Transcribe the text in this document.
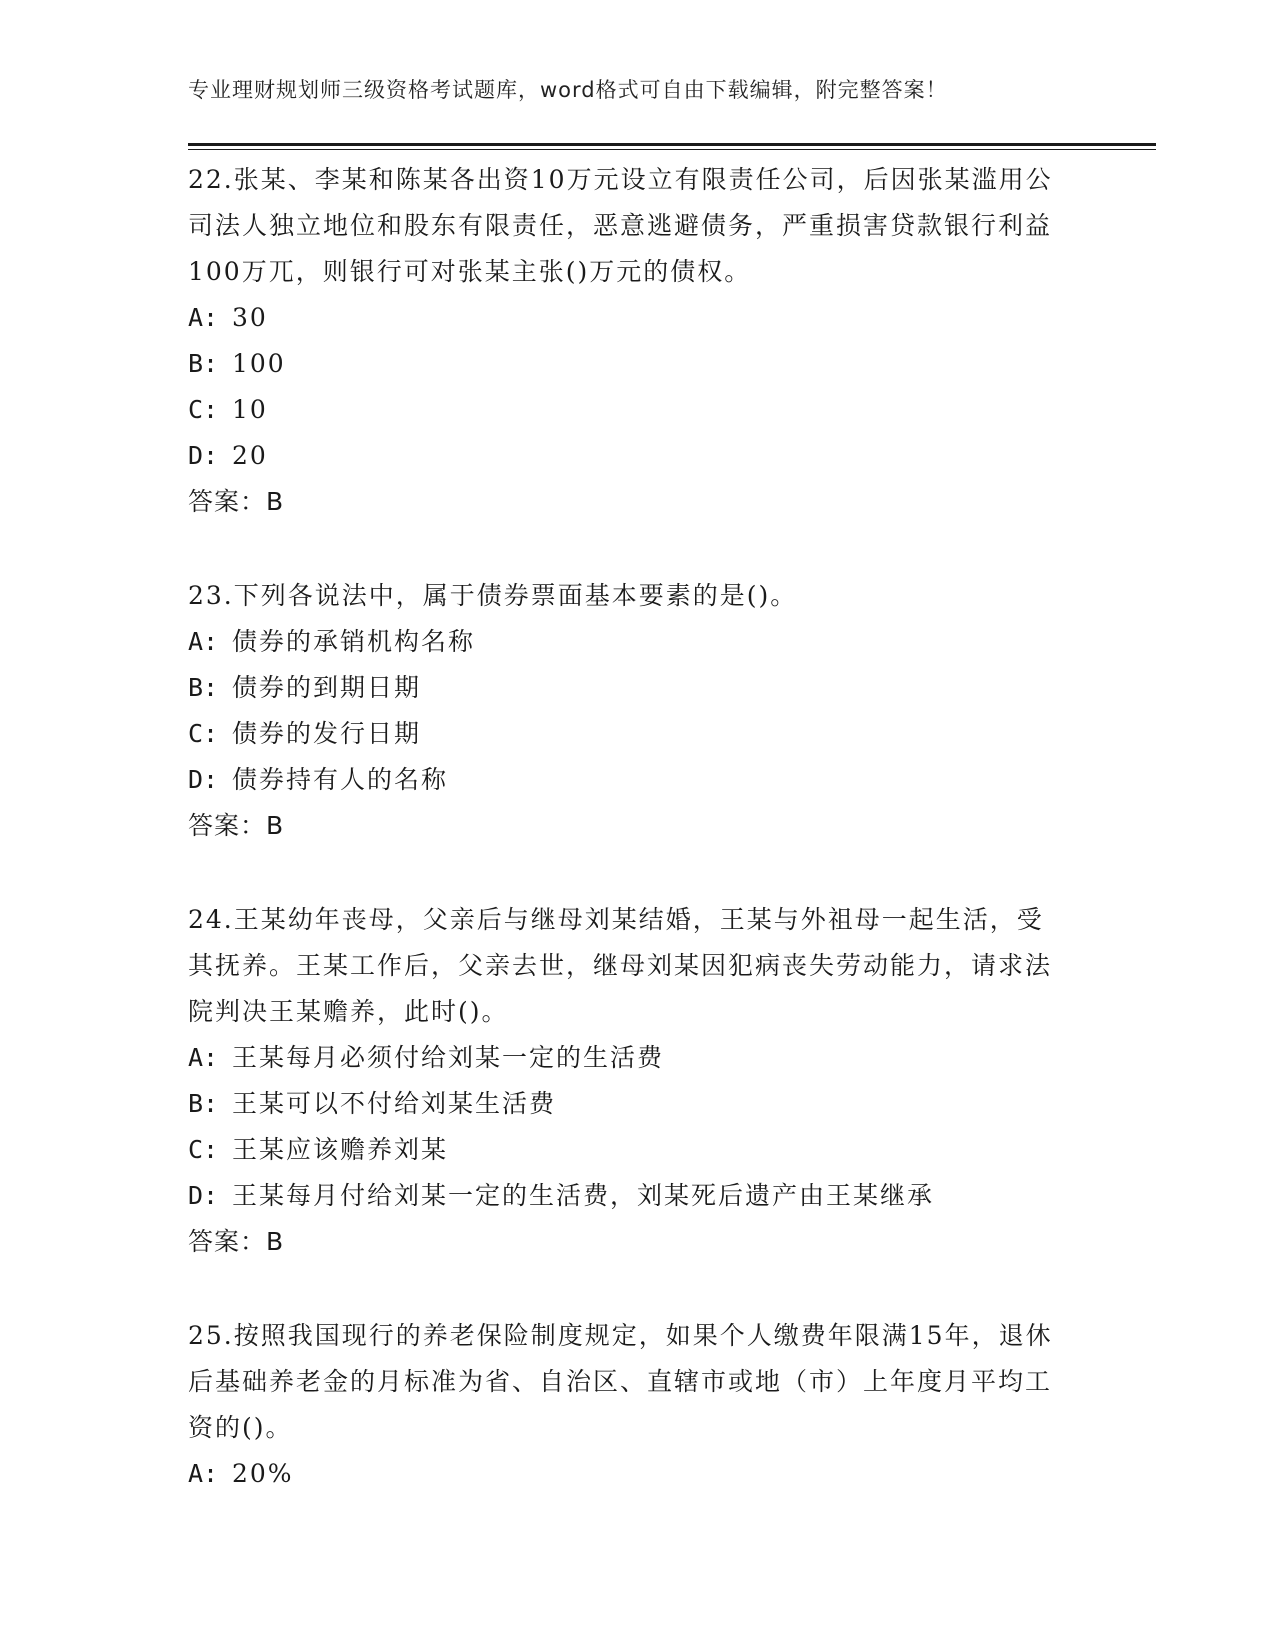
专业理财规划师三级资格考试题库，word格式可自由下载编辑，附完整答案！

22.张某、李某和陈某各出资10万元设立有限责任公司，后因张某滥用公司法人独立地位和股东有限责任，恶意逃避债务，严重损害贷款银行利益100万兀，则银行可对张某主张()万元的债权。

A: 30

B: 100

C: 10

D: 20

答案：B

23.下列各说法中，属于债券票面基本要素的是()。

A: 债券的承销机构名称

B: 债券的到期日期

C: 债券的发行日期

D: 债券持有人的名称

答案：B

24.王某幼年丧母，父亲后与继母刘某结婚，王某与外祖母一起生活，受其抚养。王某工作后，父亲去世，继母刘某因犯病丧失劳动能力，请求法院判决王某赡养，此时()。

A: 王某每月必须付给刘某一定的生活费

B: 王某可以不付给刘某生活费

C: 王某应该赡养刘某

D: 王某每月付给刘某一定的生活费，刘某死后遗产由王某继承

答案：B

25.按照我国现行的养老保险制度规定，如果个人缴费年限满15年，退休后基础养老金的月标准为省、自治区、直辖市或地（市）上年度月平均工资的()。

A: 20%
